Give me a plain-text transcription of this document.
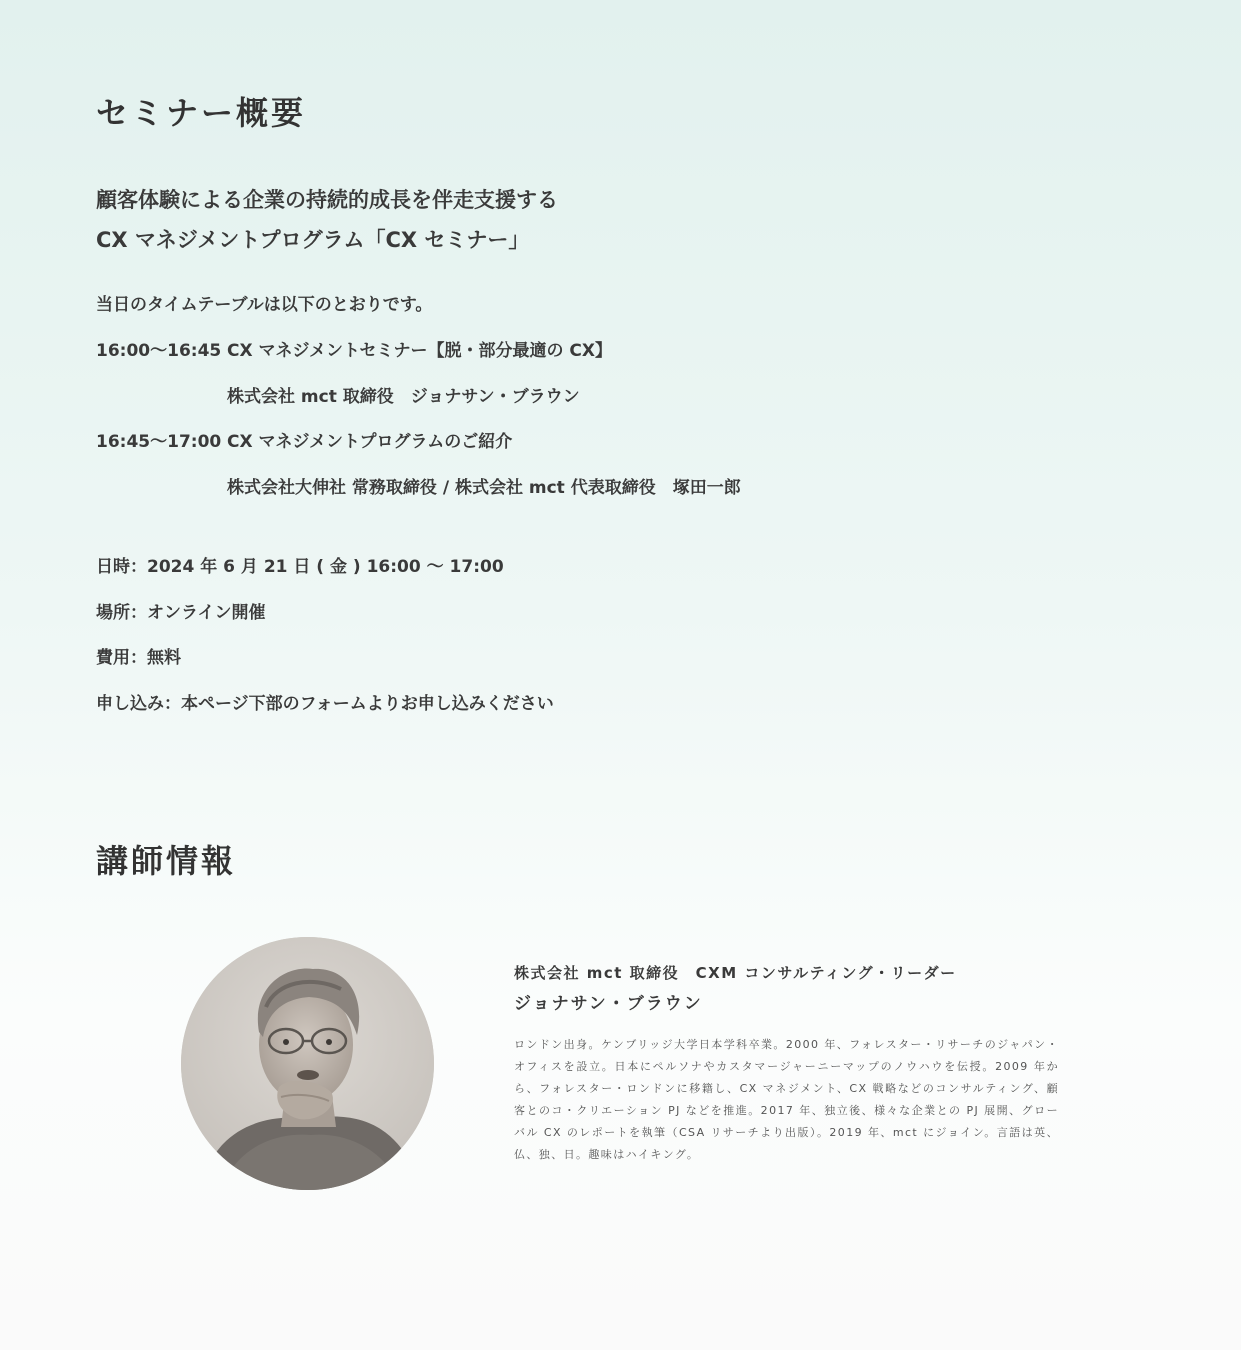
セミナー概要
顧客体験による企業の持続的成長を伴走支援する
CX マネジメントプログラム「CX セミナー」
当日のタイムテーブルは以下のとおりです。
16:00〜16:45 CX マネジメントセミナー【脱・部分最適の CX】
株式会社 mct 取締役　ジョナサン・ブラウン
16:45〜17:00 CX マネジメントプログラムのご紹介
株式会社大伸社 常務取締役 / 株式会社 mct 代表取締役　塚田一郎
日時：2024 年 6 月 21 日 ( 金 ) 16:00 〜 17:00
場所：オンライン開催
費用：無料
申し込み：本ページ下部のフォームよりお申し込みください
講師情報
株式会社 mct 取締役　CXM コンサルティング・リーダー
ジョナサン・ブラウン
ロンドン出身。ケンブリッジ大学日本学科卒業。2000 年、フォレスター・リサーチのジャパン・オフィスを設立。日本にペルソナやカスタマージャーニーマップのノウハウを伝授。2009 年から、フォレスター・ロンドンに移籍し、CX マネジメント、CX 戦略などのコンサルティング、顧客とのコ・クリエーション PJ などを推進。2017 年、独立後、様々な企業との PJ 展開、グローバル CX のレポートを執筆（CSA リサーチより出版）。2019 年、mct にジョイン。言語は英、仏、独、日。趣味はハイキング。
